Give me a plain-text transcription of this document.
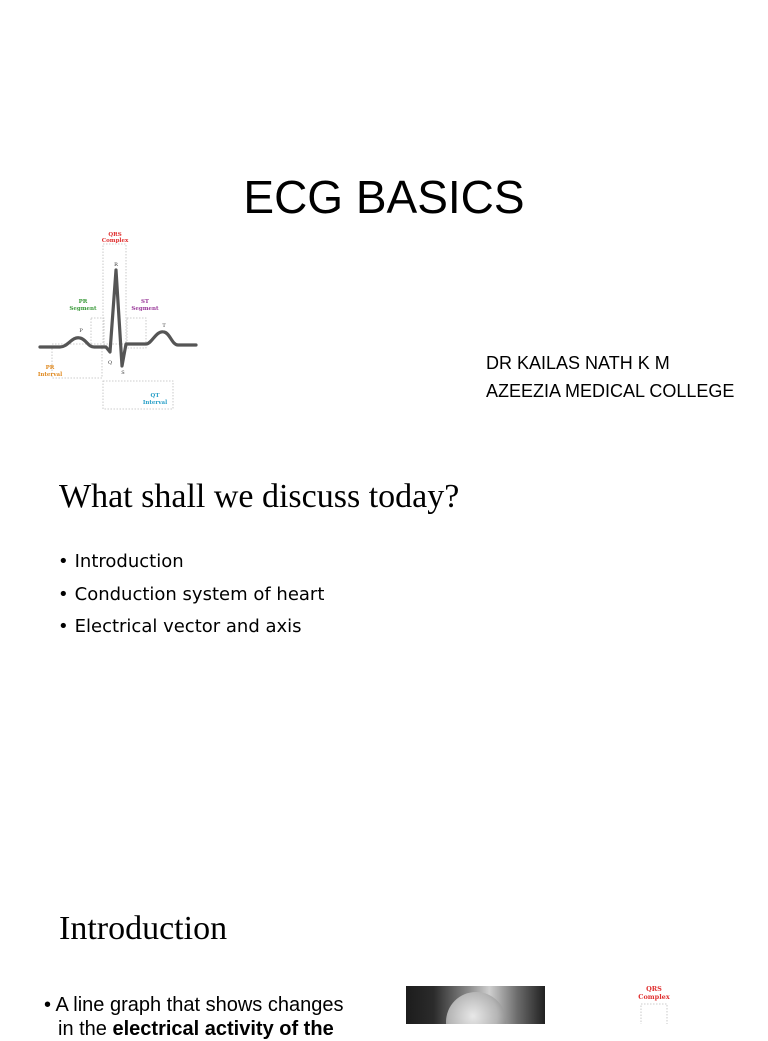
ECG BASICS
QRS
Complex
PR
Segment
ST
Segment
PR
Interval
QT
Interval
P
R
Q
S
T
DR KAILAS NATH K M
AZEEZIA MEDICAL COLLEGE
What shall we discuss today?
• Introduction
• Conduction system of heart
• Electrical vector and axis
Introduction
• A line graph that shows changes
in the electrical activity of the
QRS
Complex
